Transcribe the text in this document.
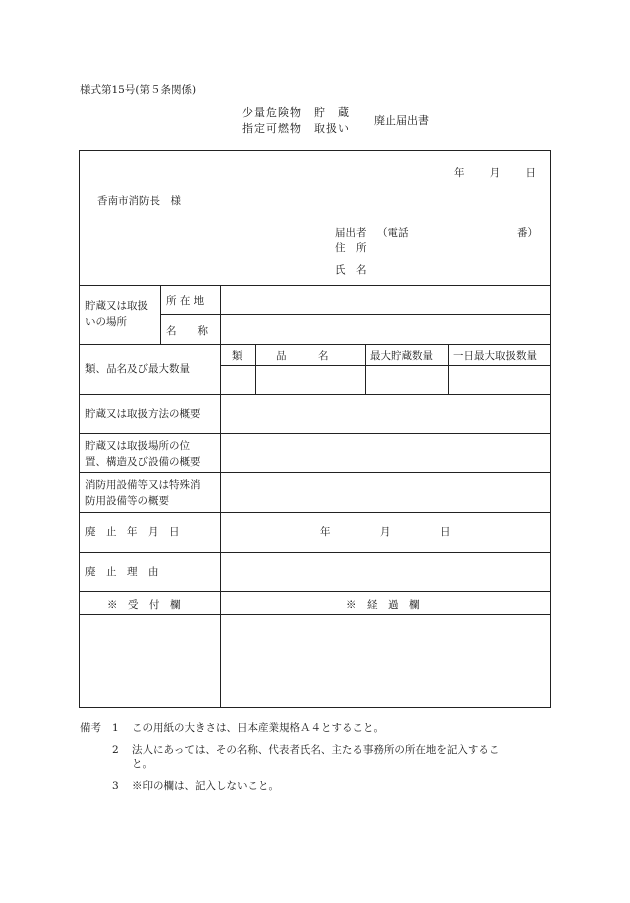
様式第15号(第５条関係)
少量危険物　貯　蔵
指定可燃物　取扱い
廃止届出書
年 月 日
香南市消防長　様
届出者 （電話	番）
住　所
氏　名
貯蔵又は取扱
いの場所
所 在 地
名　　称
類、品名及び最大数量
類	品　　　名	最大貯蔵数量 一日最大取扱数量
貯蔵又は取扱方法の概要
貯蔵又は取扱場所の位
置、構造及び設備の概要
消防用設備等又は特殊消
防用設備等の概要
廃　止　年　月　日	年	月	日
廃　止　理　由
※　受　付　欄	※　経　過　欄
備考 1 この用紙の大きさは、日本産業規格Ａ４とすること。
2 法人にあっては、その名称、代表者氏名、主たる事務所の所在地を記入するこ
と。
3 ※印の欄は、記入しないこと。
